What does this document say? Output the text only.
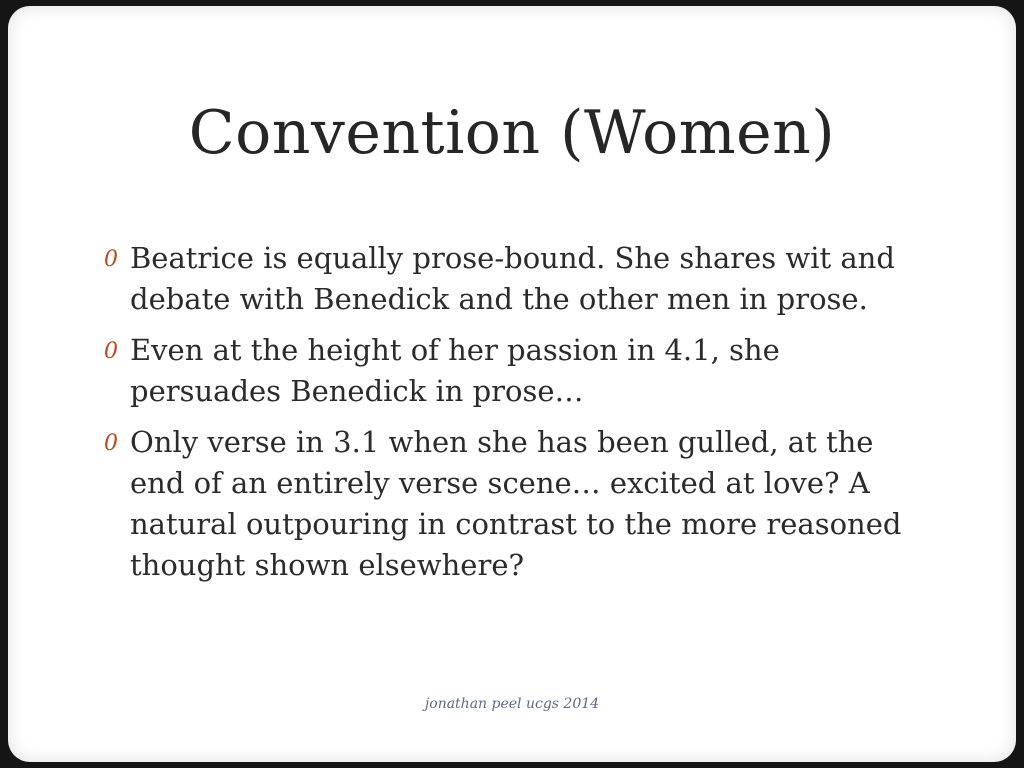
Convention (Women)
0 Beatrice is equally prose-bound. She shares wit and debate with Benedick and the other men in prose.
0 Even at the height of her passion in 4.1, she persuades Benedick in prose…
0 Only verse in 3.1 when she has been gulled, at the end of an entirely verse scene… excited at love? A natural outpouring in contrast to the more reasoned thought shown elsewhere?
jonathan peel ucgs 2014
